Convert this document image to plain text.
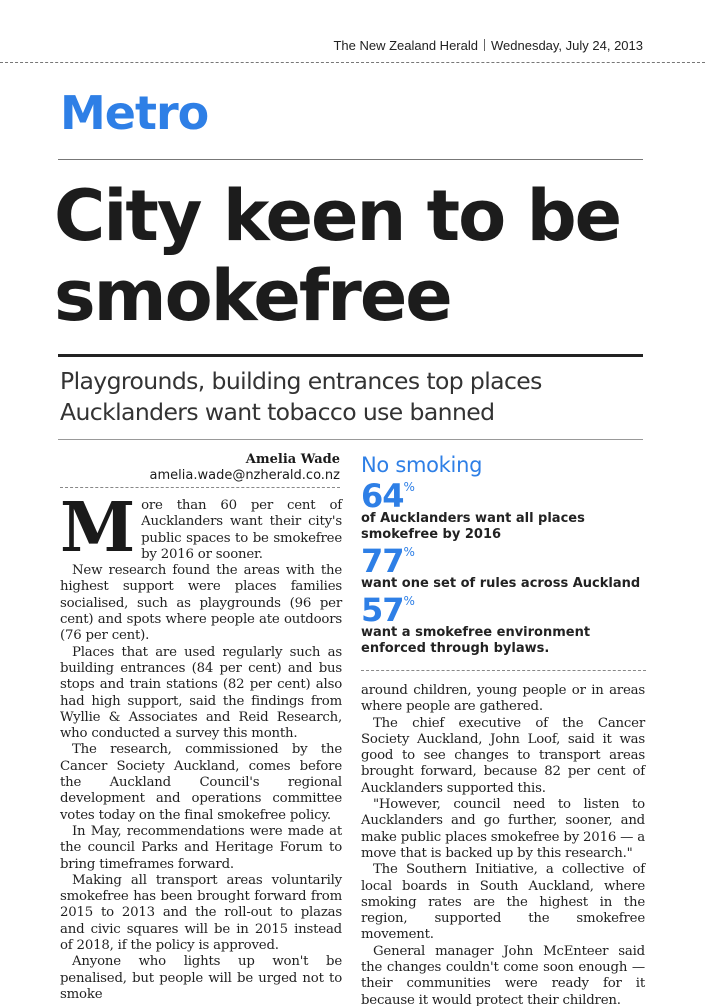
The New Zealand Herald Wednesday, July 24, 2013
Metro
City keen to be smokefree
Playgrounds, building entrances top places Aucklanders want tobacco use banned
Amelia Wade
amelia.wade@nzherald.co.nz

More than 60 per cent of Aucklanders want their city's public spaces to be smokefree by 2016 or sooner.

New research found the areas with the highest support were places families socialised, such as playgrounds (96 per cent) and spots where people ate outdoors (76 per cent).

Places that are used regularly such as building entrances (84 per cent) and bus stops and train stations (82 per cent) also had high support, said the findings from Wyllie & Associates and Reid Research, who conducted a survey this month.

The research, commissioned by the Cancer Society Auckland, comes before the Auckland Council's regional development and operations committee votes today on the final smokefree policy.

In May, recommendations were made at the council Parks and Heritage Forum to bring timeframes forward.

Making all transport areas voluntarily smokefree has been brought forward from 2015 to 2013 and the roll-out to plazas and civic squares will be in 2015 instead of 2018, if the policy is approved.

Anyone who lights up won't be penalised, but people will be urged not to smoke

No smoking
64%
of Aucklanders want all places smokefree by 2016
77%
want one set of rules across Auckland
57%
want a smokefree environment enforced through bylaws.

around children, young people or in areas where people are gathered.

The chief executive of the Cancer Society Auckland, John Loof, said it was good to see changes to transport areas brought forward, because 82 per cent of Aucklanders supported this.

"However, council need to listen to Aucklanders and go further, sooner, and make public places smokefree by 2016 — a move that is backed up by this research."

The Southern Initiative, a collective of local boards in South Auckland, where smoking rates are the highest in the region, supported the smokefree movement.

General manager John McEnteer said the changes couldn't come soon enough — their communities were ready for it because it would protect their children.
